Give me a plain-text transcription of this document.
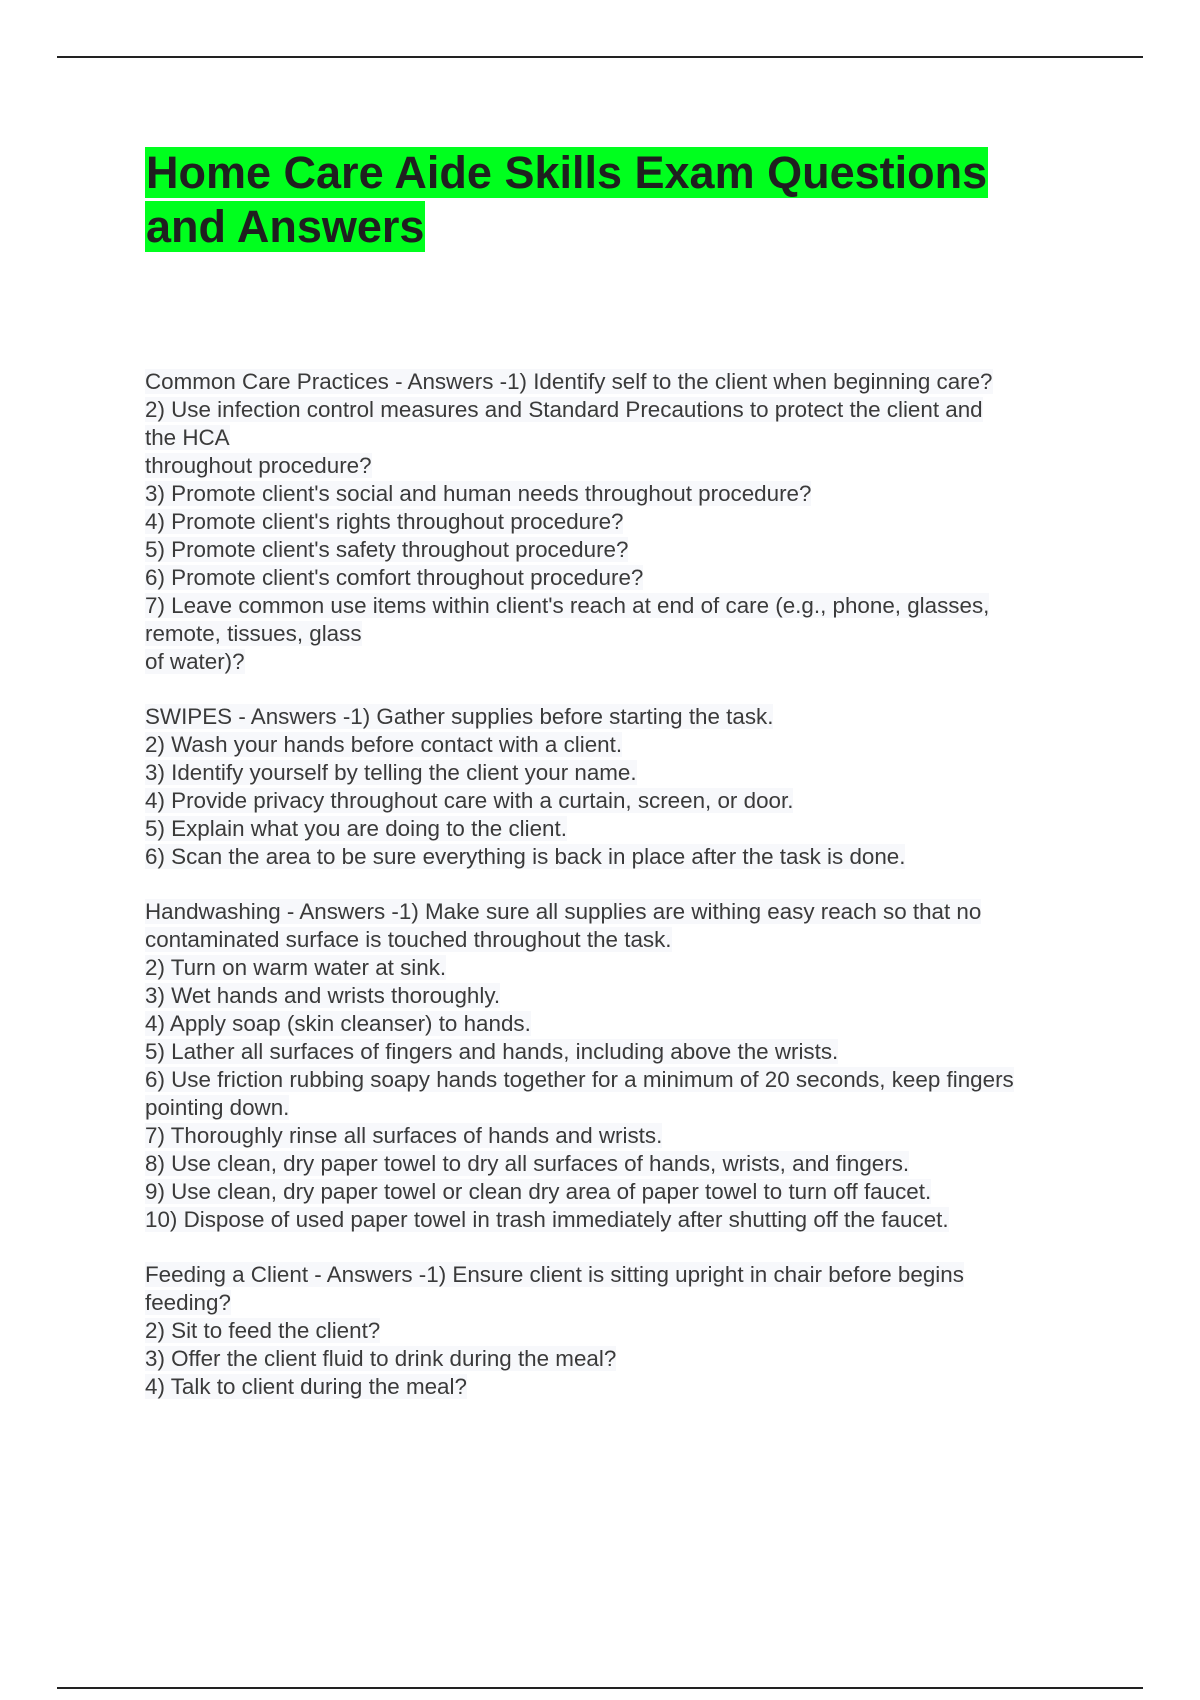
Home Care Aide Skills Exam Questions
and Answers
Common Care Practices - Answers -1) Identify self to the client when beginning care?
2) Use infection control measures and Standard Precautions to protect the client and
the HCA
throughout procedure?
3) Promote client's social and human needs throughout procedure?
4) Promote client's rights throughout procedure?
5) Promote client's safety throughout procedure?
6) Promote client's comfort throughout procedure?
7) Leave common use items within client's reach at end of care (e.g., phone, glasses,
remote, tissues, glass
of water)?
SWIPES - Answers -1) Gather supplies before starting the task.
2) Wash your hands before contact with a client.
3) Identify yourself by telling the client your name.
4) Provide privacy throughout care with a curtain, screen, or door.
5) Explain what you are doing to the client.
6) Scan the area to be sure everything is back in place after the task is done.
Handwashing - Answers -1) Make sure all supplies are withing easy reach so that no
contaminated surface is touched throughout the task.
2) Turn on warm water at sink.
3) Wet hands and wrists thoroughly.
4) Apply soap (skin cleanser) to hands.
5) Lather all surfaces of fingers and hands, including above the wrists.
6) Use friction rubbing soapy hands together for a minimum of 20 seconds, keep fingers
pointing down.
7) Thoroughly rinse all surfaces of hands and wrists.
8) Use clean, dry paper towel to dry all surfaces of hands, wrists, and fingers.
9) Use clean, dry paper towel or clean dry area of paper towel to turn off faucet.
10) Dispose of used paper towel in trash immediately after shutting off the faucet.
Feeding a Client - Answers -1) Ensure client is sitting upright in chair before begins
feeding?
2) Sit to feed the client?
3) Offer the client fluid to drink during the meal?
4) Talk to client during the meal?
